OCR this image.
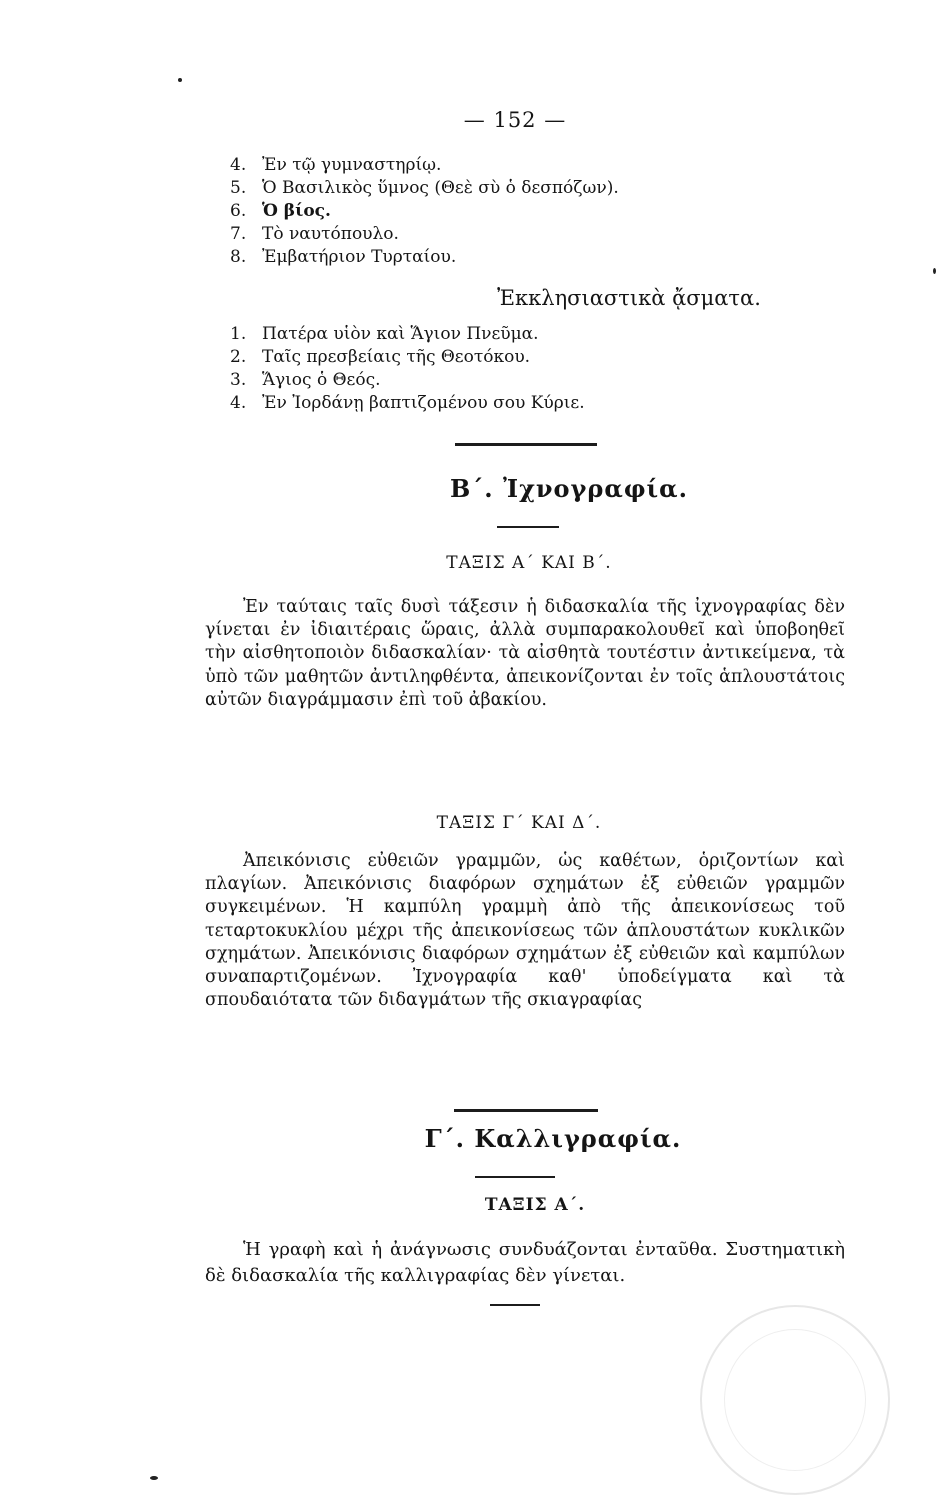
— 152 —
4. Ἐν τῷ γυμναστηρίῳ.
5. Ὁ Βασιλικὸς ὕμνος (Θεὲ σὺ ὁ δεσπόζων).
6. Ὁ βίος.
7. Τὸ ναυτόπουλο.
8. Ἐμβατήριον Τυρταίου.
Ἐκκλησιαστικὰ ᾄσματα.
1. Πατέρα υἱὸν καὶ Ἅγιον Πνεῦμα.
2. Ταῖς πρεσβείαις τῆς Θεοτόκου.
3. Ἅγιος ὁ Θεός.
4. Ἐν Ἰορδάνῃ βαπτιζομένου σου Κύριε.
Β΄. Ἰχνογραφία.
ΤΑΞΙΣ Α΄ ΚΑΙ Β΄.
Ἐν ταύταις ταῖς δυσὶ τάξεσιν ἡ διδασκαλία τῆς ἰχνογραφίας δὲν γίνεται ἐν ἰδιαιτέραις ὥραις, ἀλλὰ συμπαρακολουθεῖ καὶ ὑποβοηθεῖ τὴν αἰσθητοποιὸν διδασκαλίαν· τὰ αἰσθητὰ τουτέστιν ἀντικείμενα, τὰ ὑπὸ τῶν μαθητῶν ἀντιληφθέντα, ἀπεικονίζονται ἐν τοῖς ἁπλουστάτοις αὐτῶν διαγράμμασιν ἐπὶ τοῦ ἀβακίου.
ΤΑΞΙΣ Γ΄ ΚΑΙ Δ΄.
Ἀπεικόνισις εὐθειῶν γραμμῶν, ὡς καθέτων, ὁριζοντίων καὶ πλαγίων. Ἀπεικόνισις διαφόρων σχημάτων ἐξ εὐθειῶν γραμμῶν συγκειμένων. Ἡ καμπύλη γραμμὴ ἀπὸ τῆς ἀπεικονίσεως τοῦ τεταρτοκυκλίου μέχρι τῆς ἀπεικονίσεως τῶν ἁπλουστάτων κυκλικῶν σχημάτων. Ἀπεικόνισις διαφόρων σχημάτων ἐξ εὐθειῶν καὶ καμπύλων συναπαρτιζομένων. Ἰχνογραφία καθ' ὑποδείγματα καὶ τὰ σπουδαιότατα τῶν διδαγμάτων τῆς σκιαγραφίας
Γ΄. Καλλιγραφία.
ΤΑΞΙΣ Α΄.
Ἡ γραφὴ καὶ ἡ ἀνάγνωσις συνδυάζονται ἐνταῦθα. Συστηματικὴ δὲ διδασκαλία τῆς καλλιγραφίας δὲν γίνεται.
